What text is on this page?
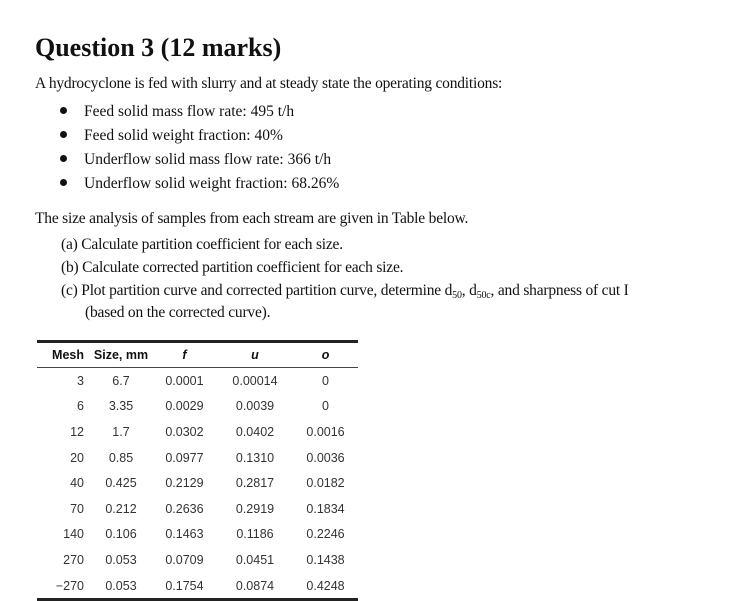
Question 3 (12 marks)
A hydrocyclone is fed with slurry and at steady state the operating conditions:
Feed solid mass flow rate: 495 t/h
Feed solid weight fraction: 40%
Underflow solid mass flow rate: 366 t/h
Underflow solid weight fraction: 68.26%
The size analysis of samples from each stream are given in Table below.
(a) Calculate partition coefficient for each size.
(b) Calculate corrected partition coefficient for each size.
(c) Plot partition curve and corrected partition curve, determine $d_{50}$, $d_{50c}$, and sharpness of cut I
(based on the corrected curve).
Mesh	Size, mm	f	u	o
3	6.7	0.0001	0.00014	0
6	3.35	0.0029	0.0039	0
12	1.7	0.0302	0.0402	0.0016
20	0.85	0.0977	0.1310	0.0036
40	0.425	0.2129	0.2817	0.0182
70	0.212	0.2636	0.2919	0.1834
140	0.106	0.1463	0.1186	0.2246
270	0.053	0.0709	0.0451	0.1438
−270	0.053	0.1754	0.0874	0.4248
